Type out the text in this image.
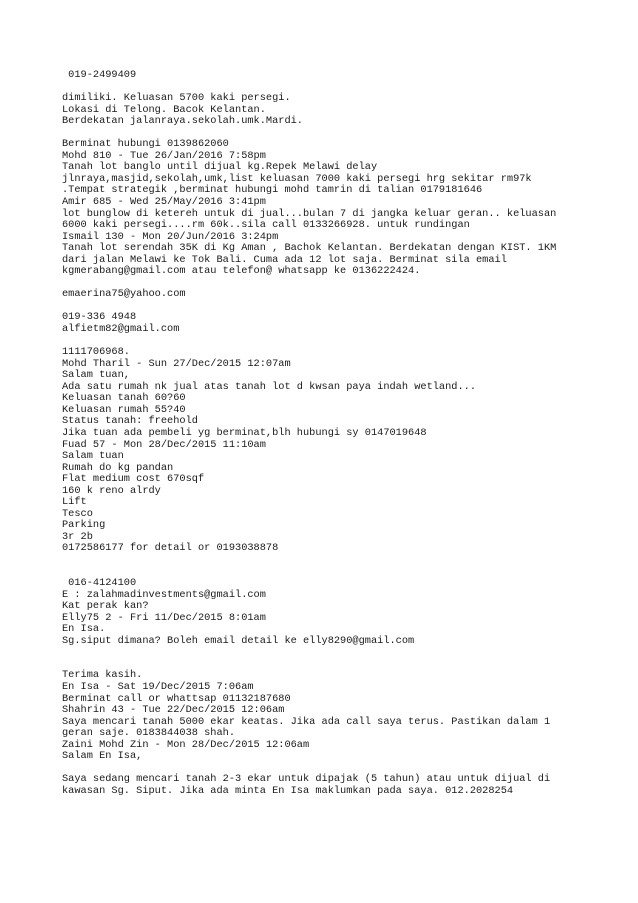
019-2499409
dimiliki. Keluasan 5700 kaki persegi.
Lokasi di Telong. Bacok Kelantan.
Berdekatan jalanraya.sekolah.umk.Mardi.
Berminat hubungi 0139862060
Mohd 810 - Tue 26/Jan/2016 7:58pm
Tanah lot banglo until dijual kg.Repek Melawi delay
jlnraya,masjid,sekolah,umk,list keluasan 7000 kaki persegi hrg sekitar rm97k
.Tempat strategik ,berminat hubungi mohd tamrin di talian 0179181646
Amir 685 - Wed 25/May/2016 3:41pm
lot bunglow di ketereh untuk di jual...bulan 7 di jangka keluar geran.. keluasan
6000 kaki persegi....rm 60k..sila call 0133266928. untuk rundingan
Ismail 130 - Mon 20/Jun/2016 3:24pm
Tanah lot serendah 35K di Kg Aman , Bachok Kelantan. Berdekatan dengan KIST. 1KM
dari jalan Melawi ke Tok Bali. Cuma ada 12 lot saja. Berminat sila email
kgmerabang@gmail.com atau telefon@ whatsapp ke 0136222424.
emaerina75@yahoo.com
019-336 4948
alfietm82@gmail.com
1111706968.
Mohd Tharil - Sun 27/Dec/2015 12:07am
Salam tuan,
Ada satu rumah nk jual atas tanah lot d kwsan paya indah wetland...
Keluasan tanah 60?60
Keluasan rumah 55?40
Status tanah: freehold
Jika tuan ada pembeli yg berminat,blh hubungi sy 0147019648
Fuad 57 - Mon 28/Dec/2015 11:10am
Salam tuan
Rumah do kg pandan
Flat medium cost 670sqf
160 k reno alrdy
Lift
Tesco
Parking
3r 2b
0172586177 for detail or 0193038878
016-4124100
E : zalahmadinvestments@gmail.com
Kat perak kan?
Elly75 2 - Fri 11/Dec/2015 8:01am
En Isa.
Sg.siput dimana? Boleh email detail ke elly8290@gmail.com
Terima kasih.
En Isa - Sat 19/Dec/2015 7:06am
Berminat call or whattsap 01132187680
Shahrin 43 - Tue 22/Dec/2015 12:06am
Saya mencari tanah 5000 ekar keatas. Jika ada call saya terus. Pastikan dalam 1
geran saje. 0183844038 shah.
Zaini Mohd Zin - Mon 28/Dec/2015 12:06am
Salam En Isa,
Saya sedang mencari tanah 2-3 ekar untuk dipajak (5 tahun) atau untuk dijual di
kawasan Sg. Siput. Jika ada minta En Isa maklumkan pada saya. 012.2028254
